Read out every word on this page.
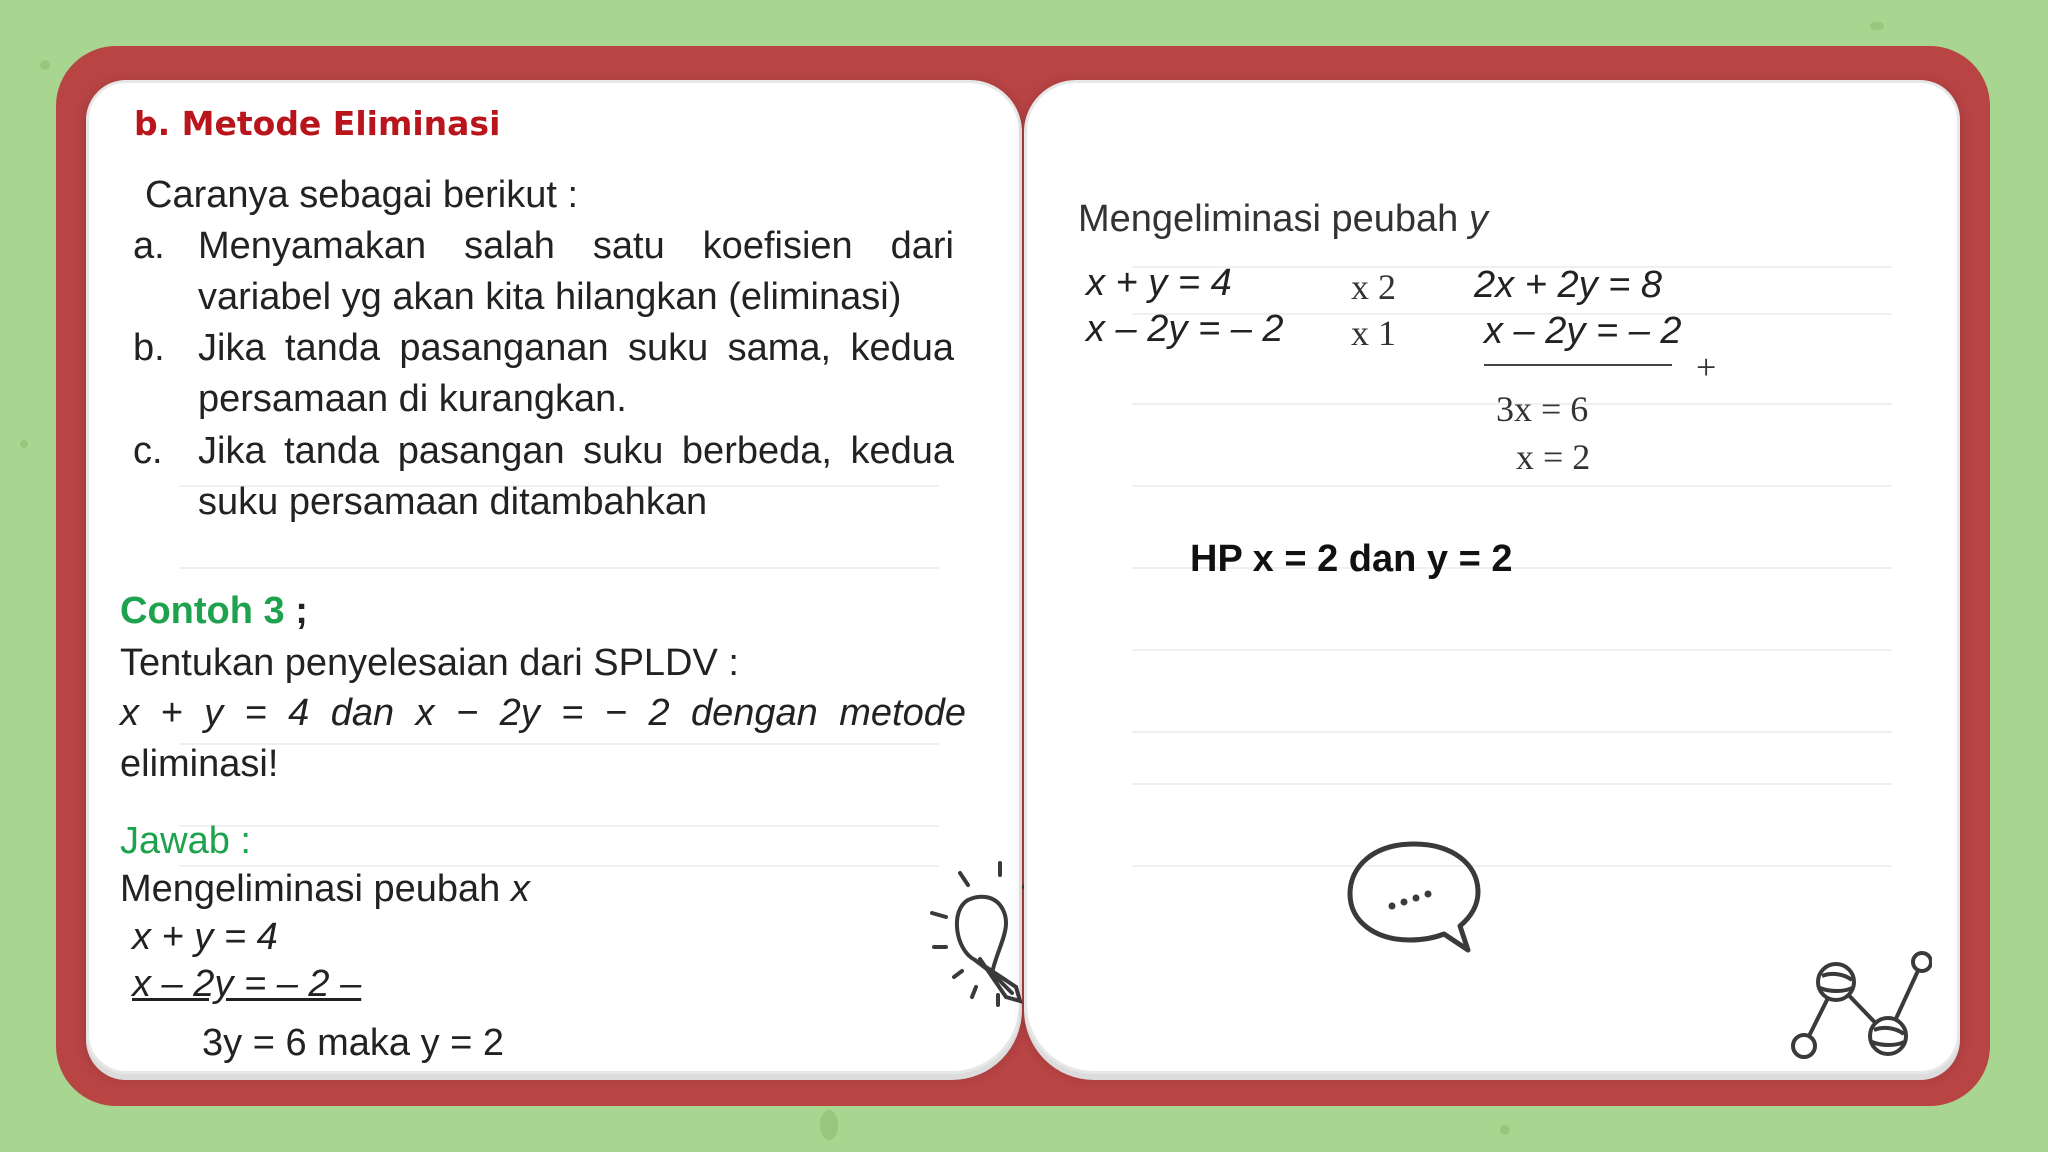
b. Metode Eliminasi
Caranya sebagai berikut :
a. Menyamakan salah satu koefisien dari
variabel yg akan kita hilangkan (eliminasi)
b. Jika tanda pasanganan suku sama, kedua
persamaan di kurangkan.
c. Jika tanda pasangan suku berbeda, kedua
suku persamaan ditambahkan
Contoh 3 ;
Tentukan penyelesaian dari SPLDV :
x + y = 4 dan x − 2y = − 2 dengan metode
eliminasi!
Jawab :
Mengeliminasi peubah x
x + y = 4
x – 2y = – 2 –
3y = 6 maka y = 2
Mengeliminasi peubah y
x + y = 4
x – 2y = – 2
x 2
x 1
2x + 2y = 8
x – 2y = – 2
+
3x = 6
x = 2
HP x = 2 dan y = 2
